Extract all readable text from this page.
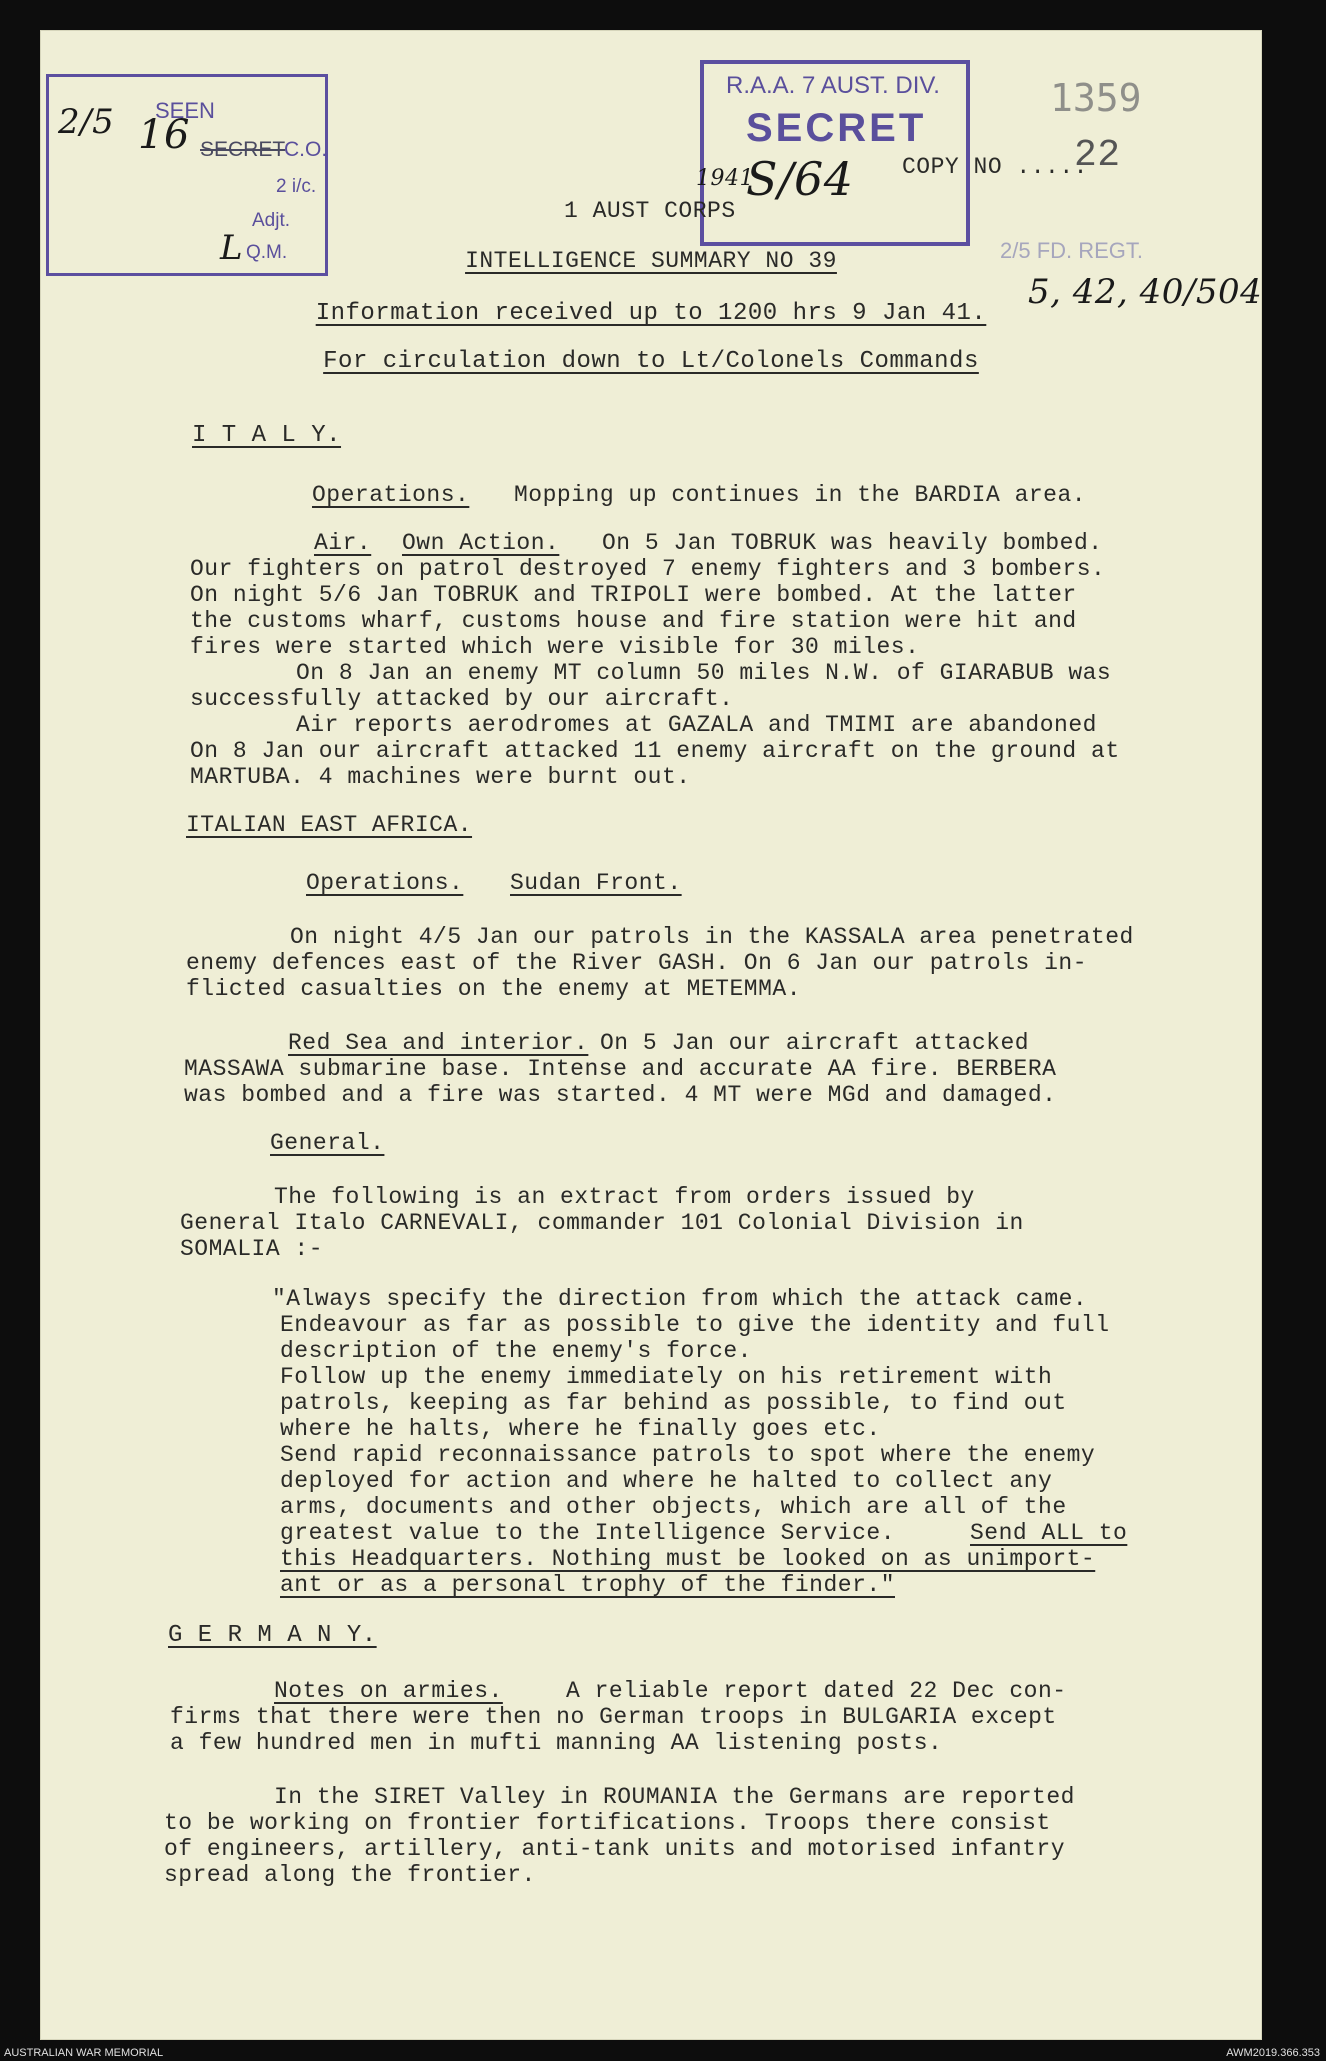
SEEN
SECRET
C.O.
2 i/c.
Adjt.
Q.M.
2/5 16
L
R.A.A. 7 AUST. DIV.
SECRET
1941
S/64
1359
COPY NO .....
22
2/5 FD. REGT.
5, 42, 40/504
1 AUST CORPS
INTELLIGENCE SUMMARY NO 39
Information received up to 1200 hrs 9 Jan 41.
For circulation down to Lt/Colonels Commands
I T A L Y.
Operations. Mopping up continues in the BARDIA area.
Air. Own Action. On 5 Jan TOBRUK was heavily bombed.
Our fighters on patrol destroyed 7 enemy fighters and 3 bombers.
On night 5/6 Jan TOBRUK and TRIPOLI were bombed. At the latter
the customs wharf, customs house and fire station were hit and
fires were started which were visible for 30 miles.
On 8 Jan an enemy MT column 50 miles N.W. of GIARABUB was
successfully attacked by our aircraft.
Air reports aerodromes at GAZALA and TMIMI are abandoned
On 8 Jan our aircraft attacked 11 enemy aircraft on the ground at
MARTUBA. 4 machines were burnt out.
ITALIAN EAST AFRICA.
Operations. Sudan Front.
On night 4/5 Jan our patrols in the KASSALA area penetrated
enemy defences east of the River GASH. On 6 Jan our patrols in-
flicted casualties on the enemy at METEMMA.
Red Sea and interior. On 5 Jan our aircraft attacked
MASSAWA submarine base. Intense and accurate AA fire. BERBERA
was bombed and a fire was started. 4 MT were MGd and damaged.
General.
The following is an extract from orders issued by
General Italo CARNEVALI, commander 101 Colonial Division in
SOMALIA :-
"Always specify the direction from which the attack came.
Endeavour as far as possible to give the identity and full
description of the enemy's force.
Follow up the enemy immediately on his retirement with
patrols, keeping as far behind as possible, to find out
where he halts, where he finally goes etc.
Send rapid reconnaissance patrols to spot where the enemy
deployed for action and where he halted to collect any
arms, documents and other objects, which are all of the
greatest value to the Intelligence Service.	Send ALL to
this Headquarters. Nothing must be looked on as unimport-
ant or as a personal trophy of the finder."
G E R M A N Y.
Notes on armies.	A reliable report dated 22 Dec con-
firms that there were then no German troops in BULGARIA except
a few hundred men in mufti manning AA listening posts.
In the SIRET Valley in ROUMANIA the Germans are reported
to be working on frontier fortifications. Troops there consist
of engineers, artillery, anti-tank units and motorised infantry
spread along the frontier.
AUSTRALIAN WAR MEMORIAL	AWM2019.366.353
